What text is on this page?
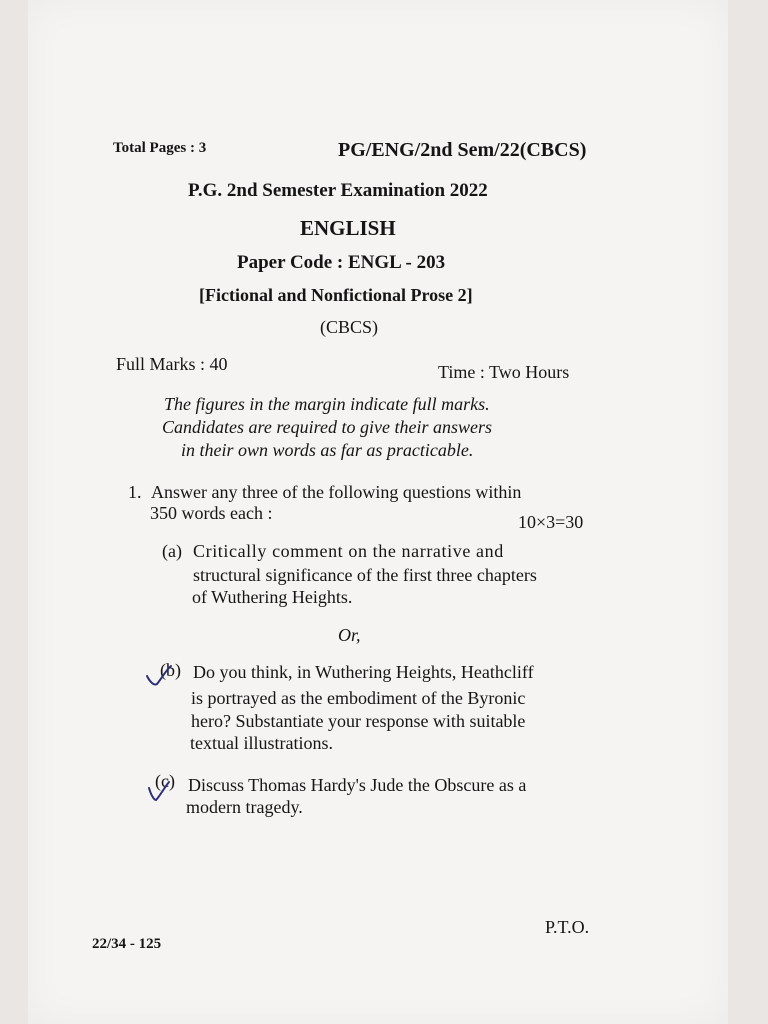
Total Pages : 3	PG/ENG/2nd Sem/22(CBCS)
P.G. 2nd Semester Examination 2022
ENGLISH
Paper Code : ENGL - 203
[Fictional and Nonfictional Prose 2]
(CBCS)
Full Marks : 40	Time : Two Hours
The figures in the margin indicate full marks.
Candidates are required to give their answers
in their own words as far as practicable.
1. Answer any three of the following questions within
350 words each :	10×3=30
(a) Critically comment on the narrative and
structural significance of the first three chapters
of Wuthering Heights.
Or,
(b) Do you think, in Wuthering Heights, Heathcliff
is portrayed as the embodiment of the Byronic
hero? Substantiate your response with suitable
textual illustrations.
(c) Discuss Thomas Hardy's Jude the Obscure as a
modern tragedy.
P.T.O.
22/34 - 125
